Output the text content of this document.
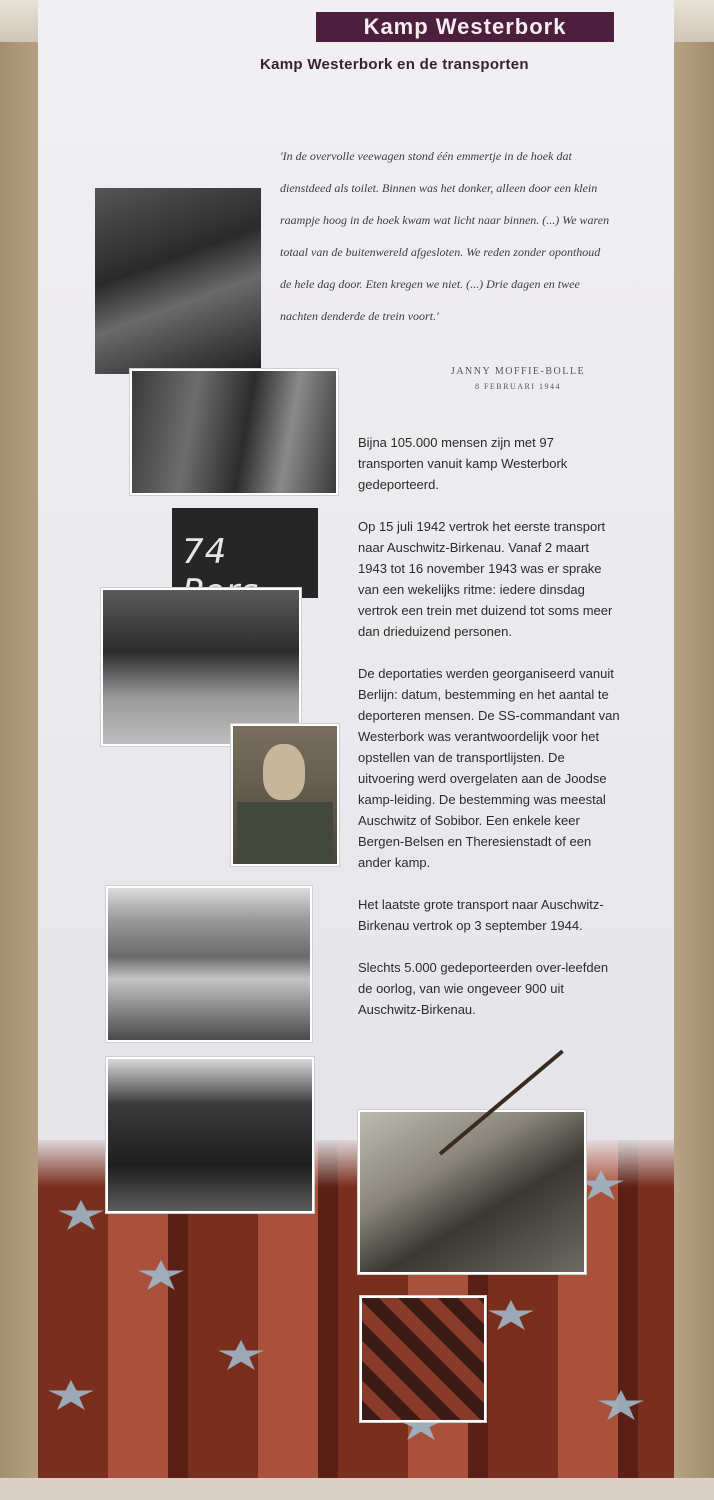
Kamp Westerbork
Kamp Westerbork en de transporten
'In de overvolle veewagen stond één emmertje in de hoek dat dienstdeed als toilet. Binnen was het donker, alleen door een klein raampje hoog in de hoek kwam wat licht naar binnen. (...) We waren totaal van de buitenwereld afgesloten. We reden zonder oponthoud de hele dag door. Eten kregen we niet. (...) Drie dagen en twee nachten denderde de trein voort.'
JANNY MOFFIE-BOLLE
8 FEBRUARI 1944

Bijna 105.000 mensen zijn met 97 transporten vanuit kamp Westerbork gedeporteerd.

Op 15 juli 1942 vertrok het eerste transport naar Auschwitz-Birkenau. Vanaf 2 maart 1943 tot 16 november 1943 was er sprake van een wekelijks ritme: iedere dinsdag vertrok een trein met duizend tot soms meer dan drieduizend personen.

De deportaties werden georganiseerd vanuit Berlijn: datum, bestemming en het aantal te deporteren mensen. De SS-commandant van Westerbork was verantwoordelijk voor het opstellen van de transportlijsten. De uitvoering werd overgelaten aan de Joodse kamp-leiding. De bestemming was meestal Auschwitz of Sobibor. Een enkele keer Bergen-Belsen en Theresienstadt of een ander kamp.

Het laatste grote transport naar Auschwitz-Birkenau vertrok op 3 september 1944.

Slechts 5.000 gedeporteerden over-leefden de oorlog, van wie ongeveer 900 uit Auschwitz-Birkenau.

74
